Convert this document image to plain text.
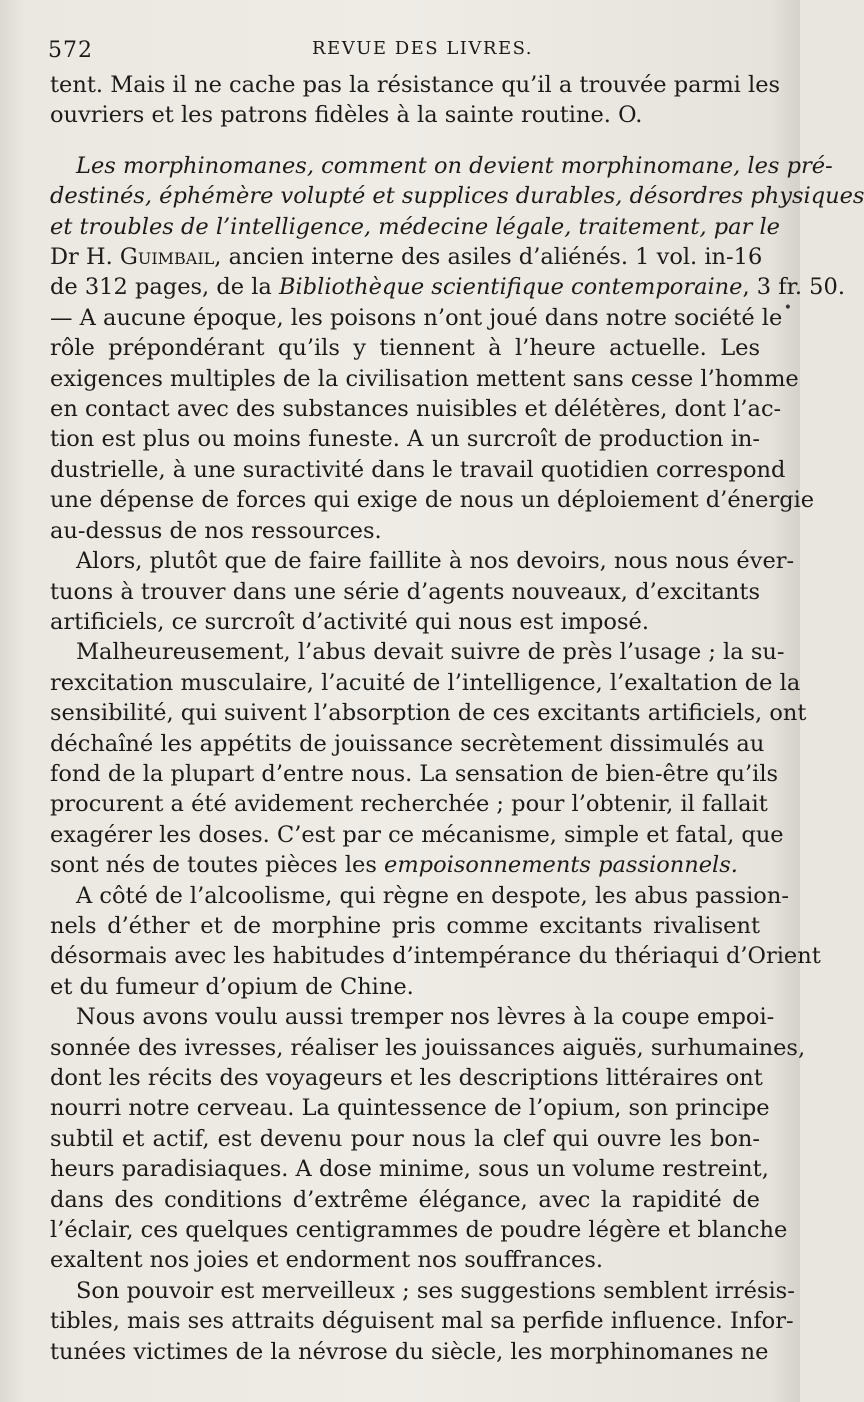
572	REVUE DES LIVRES.

tent. Mais il ne cache pas la résistance qu’il a trouvée parmi les
ouvriers et les patrons fidèles à la sainte routine. O.

Les morphinomanes, comment on devient morphinomane, les pré-
destinés, éphémère volupté et supplices durables, désordres physiques
et troubles de l’intelligence, médecine légale, traitement, par le
Dr H. Guimbail, ancien interne des asiles d’aliénés. 1 vol. in-16
de 312 pages, de la Bibliothèque scientifique contemporaine, 3 fr. 50.

— A aucune époque, les poisons n’ont joué dans notre société le
rôle prépondérant qu’ils y tiennent à l’heure actuelle. Les
exigences multiples de la civilisation mettent sans cesse l’homme
en contact avec des substances nuisibles et délétères, dont l’ac-
tion est plus ou moins funeste. A un surcroît de production in-
dustrielle, à une suractivité dans le travail quotidien correspond
une dépense de forces qui exige de nous un déploiement d’énergie
au-dessus de nos ressources.

Alors, plutôt que de faire faillite à nos devoirs, nous nous éver-
tuons à trouver dans une série d’agents nouveaux, d’excitants
artificiels, ce surcroît d’activité qui nous est imposé.

Malheureusement, l’abus devait suivre de près l’usage ; la su-
rexcitation musculaire, l’acuité de l’intelligence, l’exaltation de la
sensibilité, qui suivent l’absorption de ces excitants artificiels, ont
déchaîné les appétits de jouissance secrètement dissimulés au
fond de la plupart d’entre nous. La sensation de bien-être qu’ils
procurent a été avidement recherchée ; pour l’obtenir, il fallait
exagérer les doses. C’est par ce mécanisme, simple et fatal, que
sont nés de toutes pièces les empoisonnements passionnels.

A côté de l’alcoolisme, qui règne en despote, les abus passion-
nels d’éther et de morphine pris comme excitants rivalisent
désormais avec les habitudes d’intempérance du thériaqui d’Orient
et du fumeur d’opium de Chine.

Nous avons voulu aussi tremper nos lèvres à la coupe empoi-
sonnée des ivresses, réaliser les jouissances aiguës, surhumaines,
dont les récits des voyageurs et les descriptions littéraires ont
nourri notre cerveau. La quintessence de l’opium, son principe
subtil et actif, est devenu pour nous la clef qui ouvre les bon-
heurs paradisiaques. A dose minime, sous un volume restreint,
dans des conditions d’extrême élégance, avec la rapidité de
l’éclair, ces quelques centigrammes de poudre légère et blanche
exaltent nos joies et endorment nos souffrances.

Son pouvoir est merveilleux ; ses suggestions semblent irrésis-
tibles, mais ses attraits déguisent mal sa perfide influence. Infor-
tunées victimes de la névrose du siècle, les morphinomanes ne

•
